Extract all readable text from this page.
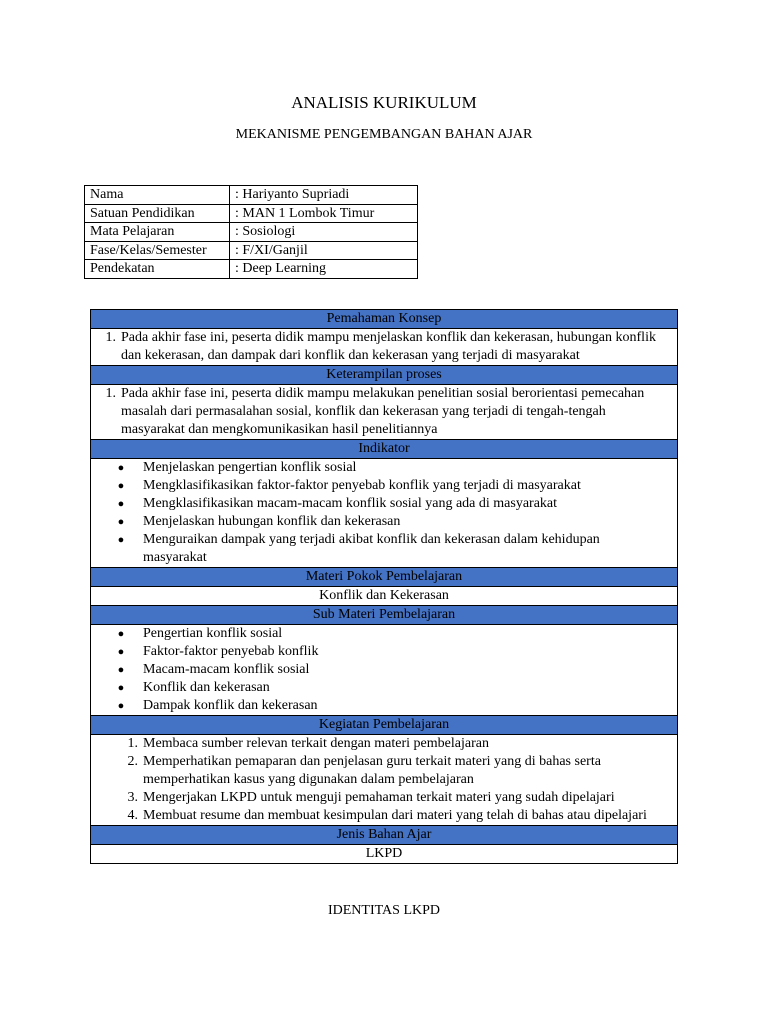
ANALISIS KURIKULUM
MEKANISME PENGEMBANGAN BAHAN AJAR
Nama	: Hariyanto Supriadi
Satuan Pendidikan	: MAN 1 Lombok Timur
Mata Pelajaran	: Sosiologi
Fase/Kelas/Semester	: F/XI/Ganjil
Pendekatan	: Deep Learning
Pemahaman Konsep

1. Pada akhir fase ini, peserta didik mampu menjelaskan konflik dan kekerasan, hubungan konflik dan kekerasan, dan dampak dari konflik dan kekerasan yang terjadi di masyarakat

Keterampilan proses

1. Pada akhir fase ini, peserta didik mampu melakukan penelitian sosial berorientasi pemecahan masalah dari permasalahan sosial, konflik dan kekerasan yang terjadi di tengah-tengah masyarakat dan mengkomunikasikan hasil penelitiannya

Indikator

● Menjelaskan pengertian konflik sosial
● Mengklasifikasikan faktor-faktor penyebab konflik yang terjadi di masyarakat
● Mengklasifikasikan macam-macam konflik sosial yang ada di masyarakat
● Menjelaskan hubungan konflik dan kekerasan
● Menguraikan dampak yang terjadi akibat konflik dan kekerasan dalam kehidupan masyarakat

Materi Pokok Pembelajaran
Konflik dan Kekerasan
Sub Materi Pembelajaran

● Pengertian konflik sosial
● Faktor-faktor penyebab konflik
● Macam-macam konflik sosial
● Konflik dan kekerasan
● Dampak konflik dan kekerasan

Kegiatan Pembelajaran

1. Membaca sumber relevan terkait dengan materi pembelajaran
2. Memperhatikan pemaparan dan penjelasan guru terkait materi yang di bahas serta memperhatikan kasus yang digunakan dalam pembelajaran
3. Mengerjakan LKPD untuk menguji pemahaman terkait materi yang sudah dipelajari
4. Membuat resume dan membuat kesimpulan dari materi yang telah di bahas atau dipelajari

Jenis Bahan Ajar
LKPD
IDENTITAS LKPD
